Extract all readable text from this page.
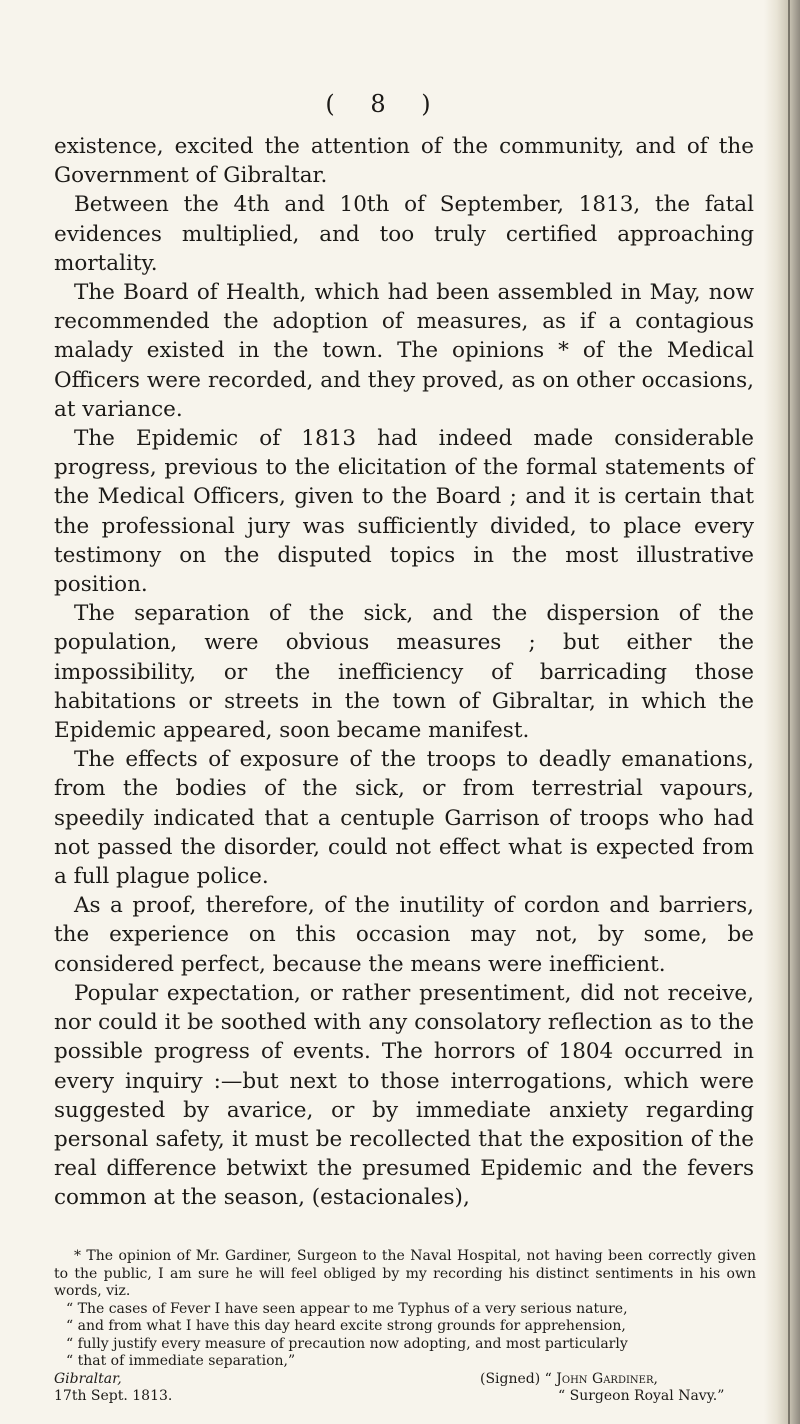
( 8 )

existence, excited the attention of the community, and of the Government of Gibraltar.

Between the 4th and 10th of September, 1813, the fatal evidences multiplied, and too truly certified approaching mortality.

The Board of Health, which had been assembled in May, now recommended the adoption of measures, as if a contagious malady existed in the town. The opinions * of the Medical Officers were recorded, and they proved, as on other occasions, at variance.

The Epidemic of 1813 had indeed made considerable progress, previous to the elicitation of the formal statements of the Medical Officers, given to the Board ; and it is certain that the professional jury was sufficiently divided, to place every testimony on the disputed topics in the most illustrative position.

The separation of the sick, and the dispersion of the population, were obvious measures ; but either the impossibility, or the inefficiency of barricading those habitations or streets in the town of Gibraltar, in which the Epidemic appeared, soon became manifest.

The effects of exposure of the troops to deadly emanations, from the bodies of the sick, or from terrestrial vapours, speedily indicated that a centuple Garrison of troops who had not passed the disorder, could not effect what is expected from a full plague police.

As a proof, therefore, of the inutility of cordon and barriers, the experience on this occasion may not, by some, be considered perfect, because the means were inefficient.

Popular expectation, or rather presentiment, did not receive, nor could it be soothed with any consolatory reflection as to the possible progress of events. The horrors of 1804 occurred in every inquiry :—but next to those interrogations, which were suggested by avarice, or by immediate anxiety regarding personal safety, it must be recollected that the exposition of the real difference betwixt the presumed Epidemic and the fevers common at the season, (estacionales),

* The opinion of Mr. Gardiner, Surgeon to the Naval Hospital, not having been correctly given to the public, I am sure he will feel obliged by my recording his distinct sentiments in his own words, viz.

“ The cases of Fever I have seen appear to me Typhus of a very serious nature,

“ and from what I have this day heard excite strong grounds for apprehension,

“ fully justify every measure of precaution now adopting, and most particularly

“ that of immediate separation,”

Gibraltar,
17th Sept. 1813.
(Signed) “ John Gardiner,
“ Surgeon Royal Navy.”
